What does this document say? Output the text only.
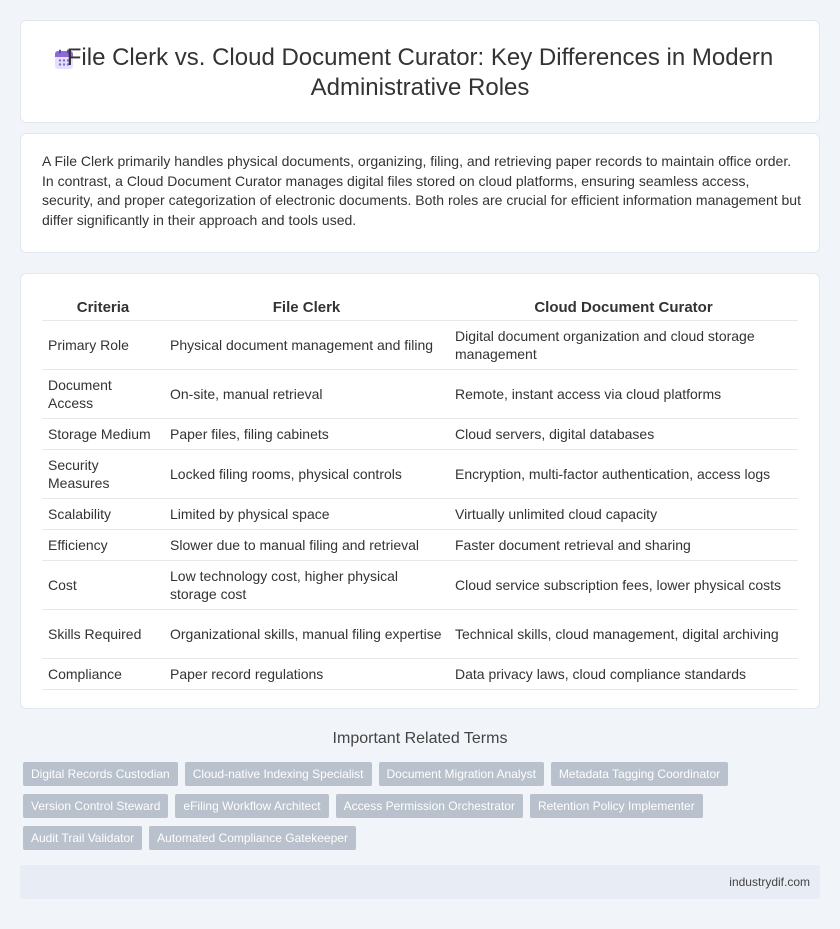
File Clerk vs. Cloud Document Curator: Key Differences in Modern Administrative Roles

A File Clerk primarily handles physical documents, organizing, filing, and retrieving paper records to maintain office order. In contrast, a Cloud Document Curator manages digital files stored on cloud platforms, ensuring seamless access, security, and proper categorization of electronic documents. Both roles are crucial for efficient information management but differ significantly in their approach and tools used.

Criteria	File Clerk	Cloud Document Curator
Primary Role	Physical document management and filing	Digital document organization and cloud storage management
Document Access	On-site, manual retrieval	Remote, instant access via cloud platforms
Storage Medium	Paper files, filing cabinets	Cloud servers, digital databases
Security Measures	Locked filing rooms, physical controls	Encryption, multi-factor authentication, access logs
Scalability	Limited by physical space	Virtually unlimited cloud capacity
Efficiency	Slower due to manual filing and retrieval	Faster document retrieval and sharing
Cost	Low technology cost, higher physical storage cost	Cloud service subscription fees, lower physical costs
Skills Required	Organizational skills, manual filing expertise	Technical skills, cloud management, digital archiving
Compliance	Paper record regulations	Data privacy laws, cloud compliance standards
Important Related Terms
Digital Records Custodian	Cloud-native Indexing Specialist	Document Migration Analyst	Metadata Tagging Coordinator
Version Control Steward	eFiling Workflow Architect	Access Permission Orchestrator	Retention Policy Implementer
Audit Trail Validator	Automated Compliance Gatekeeper
industrydif.com
